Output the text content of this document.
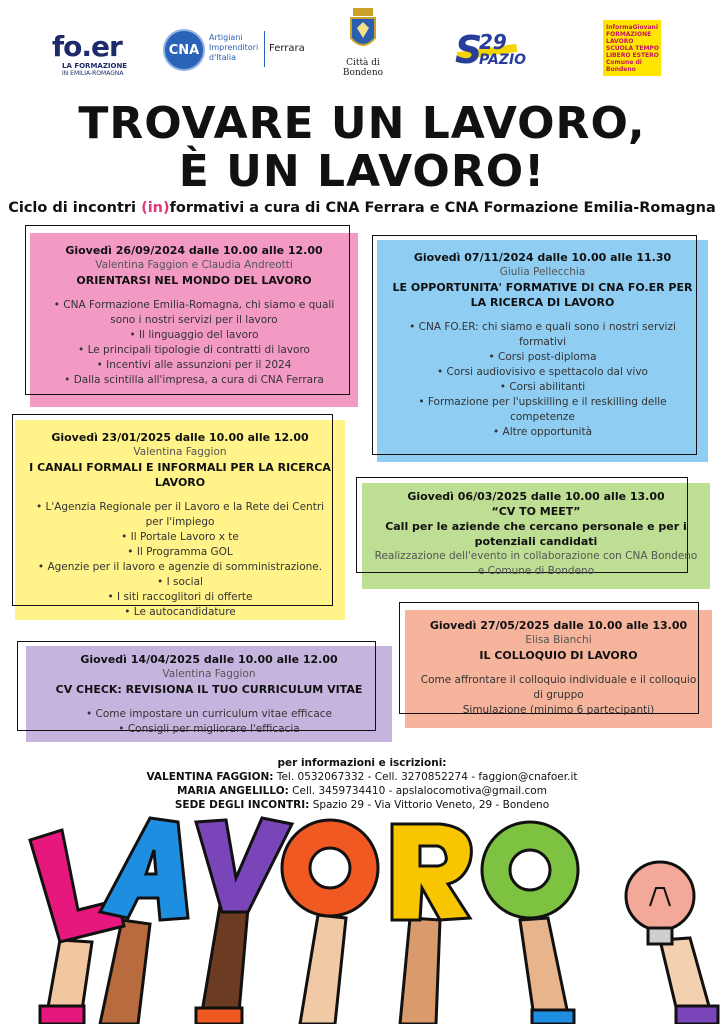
fo.er
LA FORMAZIONE
IN EMILIA-ROMAGNA
CNA
Artigiani
Imprenditori
d'Italia
Ferrara
Città di
Bondeno
S
29
PAZIO
InformaGiovani FORMAZIONE LAVORO SCUOLA TEMPO LIBERO ESTERO Comune di Bondeno
TROVARE UN LAVORO,
È UN LAVORO!
Ciclo di incontri (in)formativi a cura di CNA Ferrara e CNA Formazione Emilia-Romagna
Giovedì 26/09/2024 dalle 10.00 alle 12.00
Valentina Faggion e Claudia Andreotti
ORIENTARSI NEL MONDO DEL LAVORO
• CNA Formazione Emilia-Romagna, chi siamo e quali sono i nostri servizi per il lavoro
• Il linguaggio del lavoro
• Le principali tipologie di contratti di lavoro
• Incentivi alle assunzioni per il 2024
• Dalla scintilla all'impresa, a cura di CNA Ferrara
Giovedì 07/11/2024 dalle 10.00 alle 11.30
Giulia Pellecchia
LE OPPORTUNITA' FORMATIVE DI CNA FO.ER PER LA RICERCA DI LAVORO
• CNA FO.ER: chi siamo e quali sono i nostri servizi formativi
• Corsi post-diploma
• Corsi audiovisivo e spettacolo dal vivo
• Corsi abilitanti
• Formazione per l'upskilling e il reskilling delle competenze
• Altre opportunità
Giovedì 23/01/2025 dalle 10.00 alle 12.00
Valentina Faggion
I CANALI FORMALI E INFORMALI PER LA RICERCA LAVORO
• L'Agenzia Regionale per il Lavoro e la Rete dei Centri per l'impiego
• Il Portale Lavoro x te
• Il Programma GOL
• Agenzie per il lavoro e agenzie di somministrazione.
• I social
• I siti raccoglitori di offerte
• Le autocandidature
Giovedì 06/03/2025 dalle 10.00 alle 13.00
“CV TO MEET”
Call per le aziende che cercano personale e per i potenziali candidati
Realizzazione dell'evento in collaborazione con CNA Bondeno e Comune di Bondeno
Giovedì 27/05/2025 dalle 10.00 alle 13.00
Elisa Bianchi
IL COLLOQUIO DI LAVORO
Come affrontare il colloquio individuale e il colloquio di gruppo
Simulazione (minimo 6 partecipanti)
Giovedì 14/04/2025 dalle 10.00 alle 12.00
Valentina Faggion
CV CHECK: REVISIONA IL TUO CURRICULUM VITAE
• Come impostare un curriculum vitae efficace
• Consigli per migliorare l'efficacia
per informazioni e iscrizioni:
VALENTINA FAGGION: Tel. 0532067332 - Cell. 3270852274 - faggion@cnafoer.it
MARIA ANGELILLO: Cell. 3459734410 - apslalocomotiva@gmail.com
SEDE DEGLI INCONTRI: Spazio 29 - Via Vittorio Veneto, 29 - Bondeno
